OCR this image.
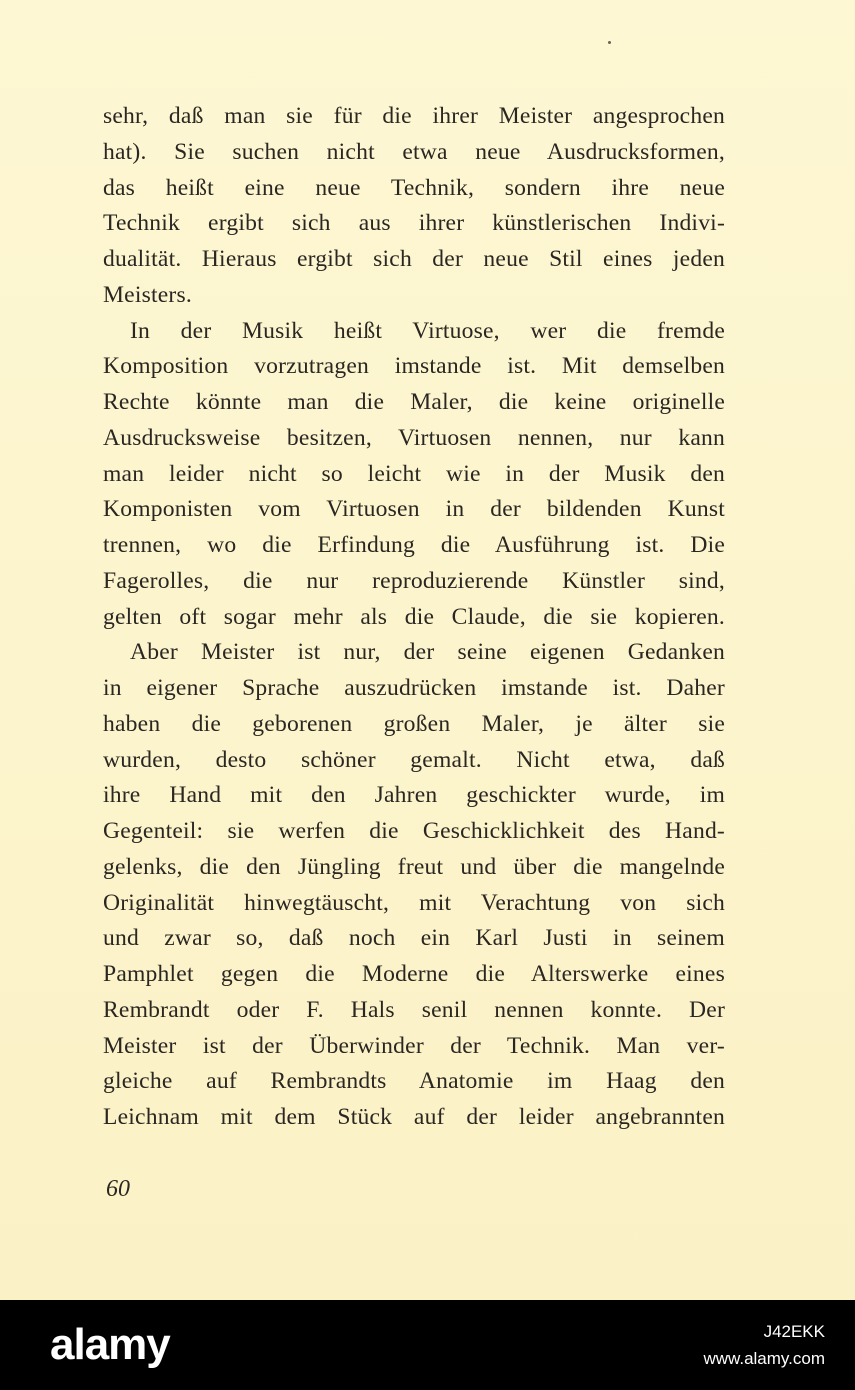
sehr, daß man sie für die ihrer Meister angesprochen
hat). Sie suchen nicht etwa neue Ausdrucksformen,
das heißt eine neue Technik, sondern ihre neue
Technik ergibt sich aus ihrer künstlerischen Indivi-
dualität. Hieraus ergibt sich der neue Stil eines jeden
Meisters.
In der Musik heißt Virtuose, wer die fremde
Komposition vorzutragen imstande ist. Mit demselben
Rechte könnte man die Maler, die keine originelle
Ausdrucksweise besitzen, Virtuosen nennen, nur kann
man leider nicht so leicht wie in der Musik den
Komponisten vom Virtuosen in der bildenden Kunst
trennen, wo die Erfindung die Ausführung ist. Die
Fagerolles, die nur reproduzierende Künstler sind,
gelten oft sogar mehr als die Claude, die sie kopieren.
Aber Meister ist nur, der seine eigenen Gedanken
in eigener Sprache auszudrücken imstande ist. Daher
haben die geborenen großen Maler, je älter sie
wurden, desto schöner gemalt. Nicht etwa, daß
ihre Hand mit den Jahren geschickter wurde, im
Gegenteil: sie werfen die Geschicklichkeit des Hand-
gelenks, die den Jüngling freut und über die mangelnde
Originalität hinwegtäuscht, mit Verachtung von sich
und zwar so, daß noch ein Karl Justi in seinem
Pamphlet gegen die Moderne die Alterswerke eines
Rembrandt oder F. Hals senil nennen konnte. Der
Meister ist der Überwinder der Technik. Man ver-
gleiche auf Rembrandts Anatomie im Haag den
Leichnam mit dem Stück auf der leider angebrannten
60
alamy	J42EKK
www.alamy.com
